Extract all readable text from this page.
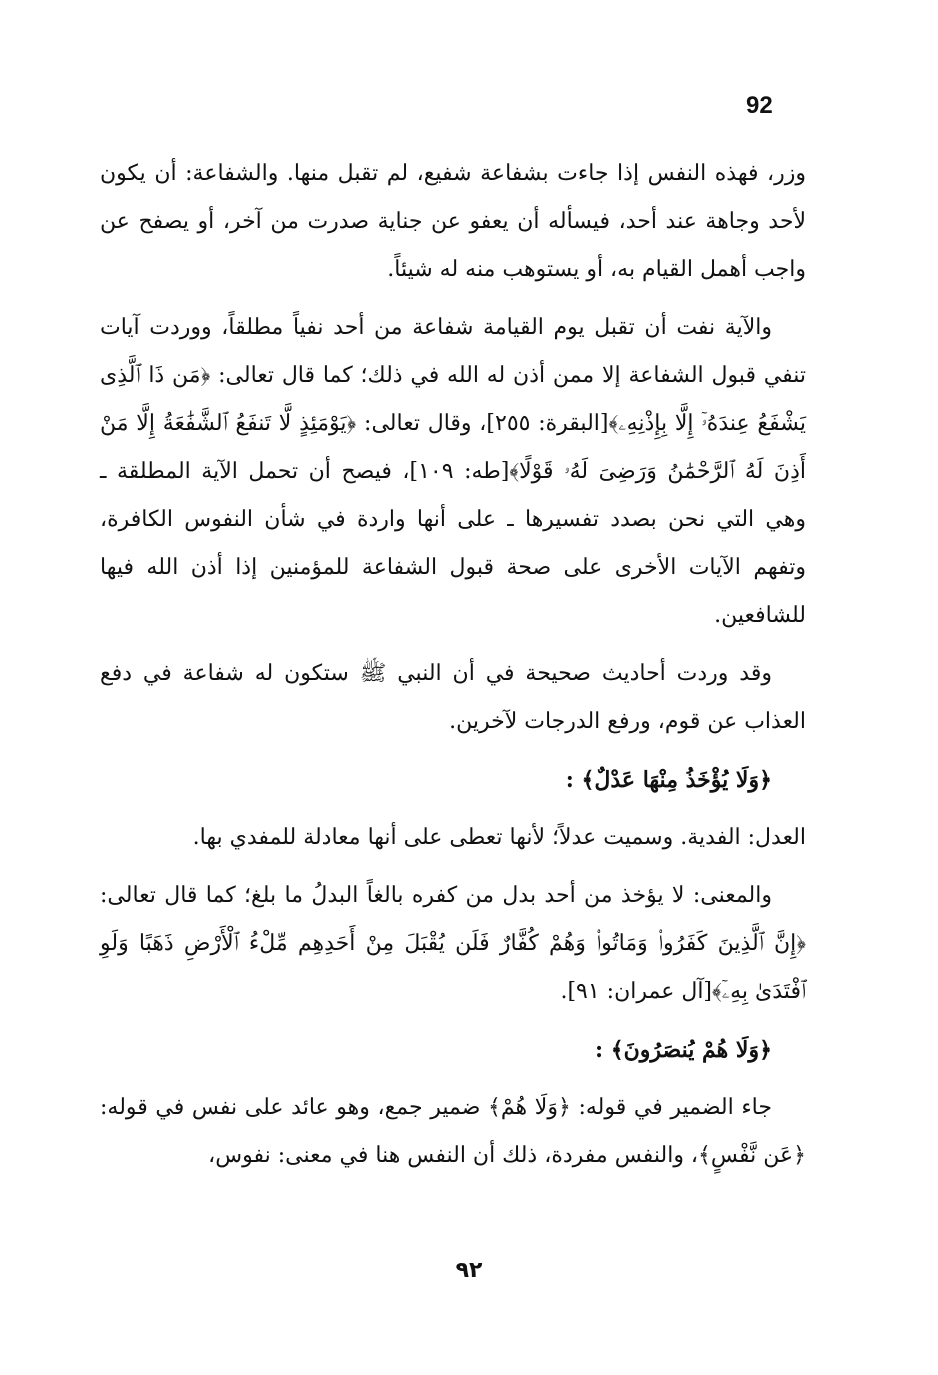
92

وزر، فهذه النفس إذا جاءت بشفاعة شفيع، لم تقبل منها. والشفاعة: أن يكون لأحد وجاهة عند أحد، فيسأله أن يعفو عن جناية صدرت من آخر، أو يصفح عن واجب أهمل القيام به، أو يستوهب منه له شيئاً.

والآية نفت أن تقبل يوم القيامة شفاعة من أحد نفياً مطلقاً، ووردت آيات تنفي قبول الشفاعة إلا ممن أذن له الله في ذلك؛ كما قال تعالى: ﴿مَن ذَا ٱلَّذِى يَشْفَعُ عِندَهُۥٓ إِلَّا بِإِذْنِهِۦ﴾[البقرة: ٢٥٥]، وقال تعالى: ﴿يَوْمَئِذٍ لَّا تَنفَعُ ٱلشَّفَٰعَةُ إِلَّا مَنْ أَذِنَ لَهُ ٱلرَّحْمَٰنُ وَرَضِىَ لَهُۥ قَوْلًا﴾[طه: ١٠٩]، فيصح أن تحمل الآية المطلقة ـ وهي التي نحن بصدد تفسيرها ـ على أنها واردة في شأن النفوس الكافرة، وتفهم الآيات الأخرى على صحة قبول الشفاعة للمؤمنين إذا أذن الله فيها للشافعين.

وقد وردت أحاديث صحيحة في أن النبي ﷺ ستكون له شفاعة في دفع العذاب عن قوم، ورفع الدرجات لآخرين.

﴿وَلَا يُؤْخَذُ مِنْهَا عَدْلٌ﴾ :

العدل: الفدية. وسميت عدلاً؛ لأنها تعطى على أنها معادلة للمفدي بها.

والمعنى: لا يؤخذ من أحد بدل من كفره بالغاً البدلُ ما بلغ؛ كما قال تعالى: ﴿إِنَّ ٱلَّذِينَ كَفَرُوا۟ وَمَاتُوا۟ وَهُمْ كُفَّارٌ فَلَن يُقْبَلَ مِنْ أَحَدِهِم مِّلْءُ ٱلْأَرْضِ ذَهَبًا وَلَوِ ٱفْتَدَىٰ بِهِۦٓ﴾[آل عمران: ٩١].

﴿وَلَا هُمْ يُنصَرُونَ﴾ :

جاء الضمير في قوله: ﴿وَلَا هُمْ﴾ ضمير جمع، وهو عائد على نفس في قوله: ﴿عَن نَّفْسٍ﴾، والنفس مفردة، ذلك أن النفس هنا في معنى: نفوس،

٩٢
